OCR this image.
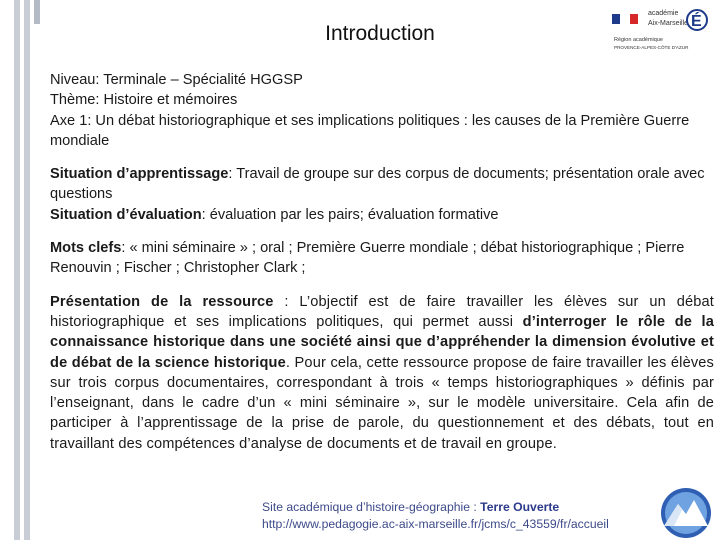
Introduction
académie
Aix-Marseille É
Région académique
PROVENCE-ALPES-CÔTE D'AZUR

Niveau: Terminale – Spécialité HGGSP

Thème: Histoire et mémoires

Axe 1: Un débat historiographique et ses implications politiques : les causes de la Première Guerre mondiale

Situation d’apprentissage: Travail de groupe sur des corpus de documents; présentation orale avec questions

Situation d’évaluation: évaluation par les pairs; évaluation formative

Mots clefs: « mini séminaire » ; oral ; Première Guerre mondiale ; débat historiographique ; Pierre Renouvin ; Fischer ; Christopher Clark ;

Présentation de la ressource : L’objectif est de faire travailler les élèves sur un débat historiographique et ses implications politiques, qui permet aussi d’interroger le rôle de la connaissance historique dans une société ainsi que d’appréhender la dimension évolutive et de débat de la science historique. Pour cela, cette ressource propose de faire travailler les élèves sur trois corpus documentaires, correspondant à trois « temps historiographiques » définis par l’enseignant, dans le cadre d’un « mini séminaire », sur le modèle universitaire. Cela afin de participer à l’apprentissage de la prise de parole, du questionnement et des débats, tout en travaillant des compétences d’analyse de documents et de travail en groupe.

Site académique d’histoire-géographie : Terre Ouverte
http://www.pedagogie.ac-aix-marseille.fr/jcms/c_43559/fr/accueil
